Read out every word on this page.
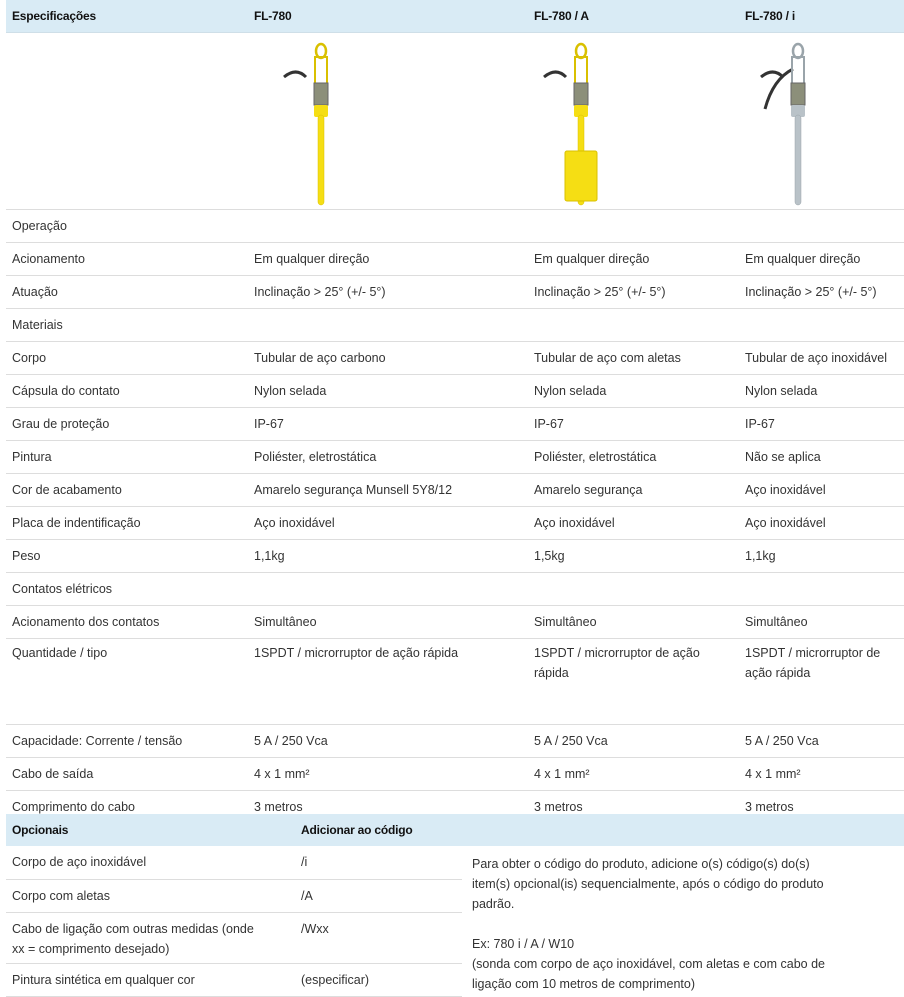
Especificações	FL-780	FL-780 / A	FL-780 / i

Operação			
Acionamento	Em qualquer direção	Em qualquer direção	Em qualquer direção
Atuação	Inclinação > 25° (+/- 5°)	Inclinação > 25° (+/- 5°)	Inclinação > 25° (+/- 5°)
Materiais			
Corpo	Tubular de aço carbono	Tubular de aço com aletas	Tubular de aço inoxidável
Cápsula do contato	Nylon selada	Nylon selada	Nylon selada
Grau de proteção	IP-67	IP-67	IP-67
Pintura	Poliéster, eletrostática	Poliéster, eletrostática	Não se aplica
Cor de acabamento	Amarelo segurança Munsell 5Y8/12	Amarelo segurança	Aço inoxidável
Placa de indentificação	Aço inoxidável	Aço inoxidável	Aço inoxidável
Peso	1,1kg	1,5kg	1,1kg
Contatos elétricos			
Acionamento dos contatos	Simultâneo	Simultâneo	Simultâneo
Quantidade / tipo	1SPDT / microrruptor de ação rápida	1SPDT / microrruptor de ação rápida	1SPDT / microrruptor de ação rápida
Capacidade: Corrente / tensão	5 A / 250 Vca	5 A / 250 Vca	5 A / 250 Vca
Cabo de saída	4 x 1 mm²	4 x 1 mm²	4 x 1 mm²
Comprimento do cabo	3 metros	3 metros	3 metros
Opcionais	Adicionar ao código	
Corpo de aço inoxidável	/i	Para obter o código do produto, adicione o(s) código(s) do(s) item(s) opcional(is) sequencialmente, após o código do produto padrão.
Ex: 780 i / A / W10
(sonda com corpo de aço inoxidável, com aletas e com cabo de ligação com 10 metros de comprimento)

Corpo com aletas	/A	
Cabo de ligação com outras medidas (onde xx = comprimento desejado)	/Wxx	
Pintura sintética em qualquer cor	(especificar)	
